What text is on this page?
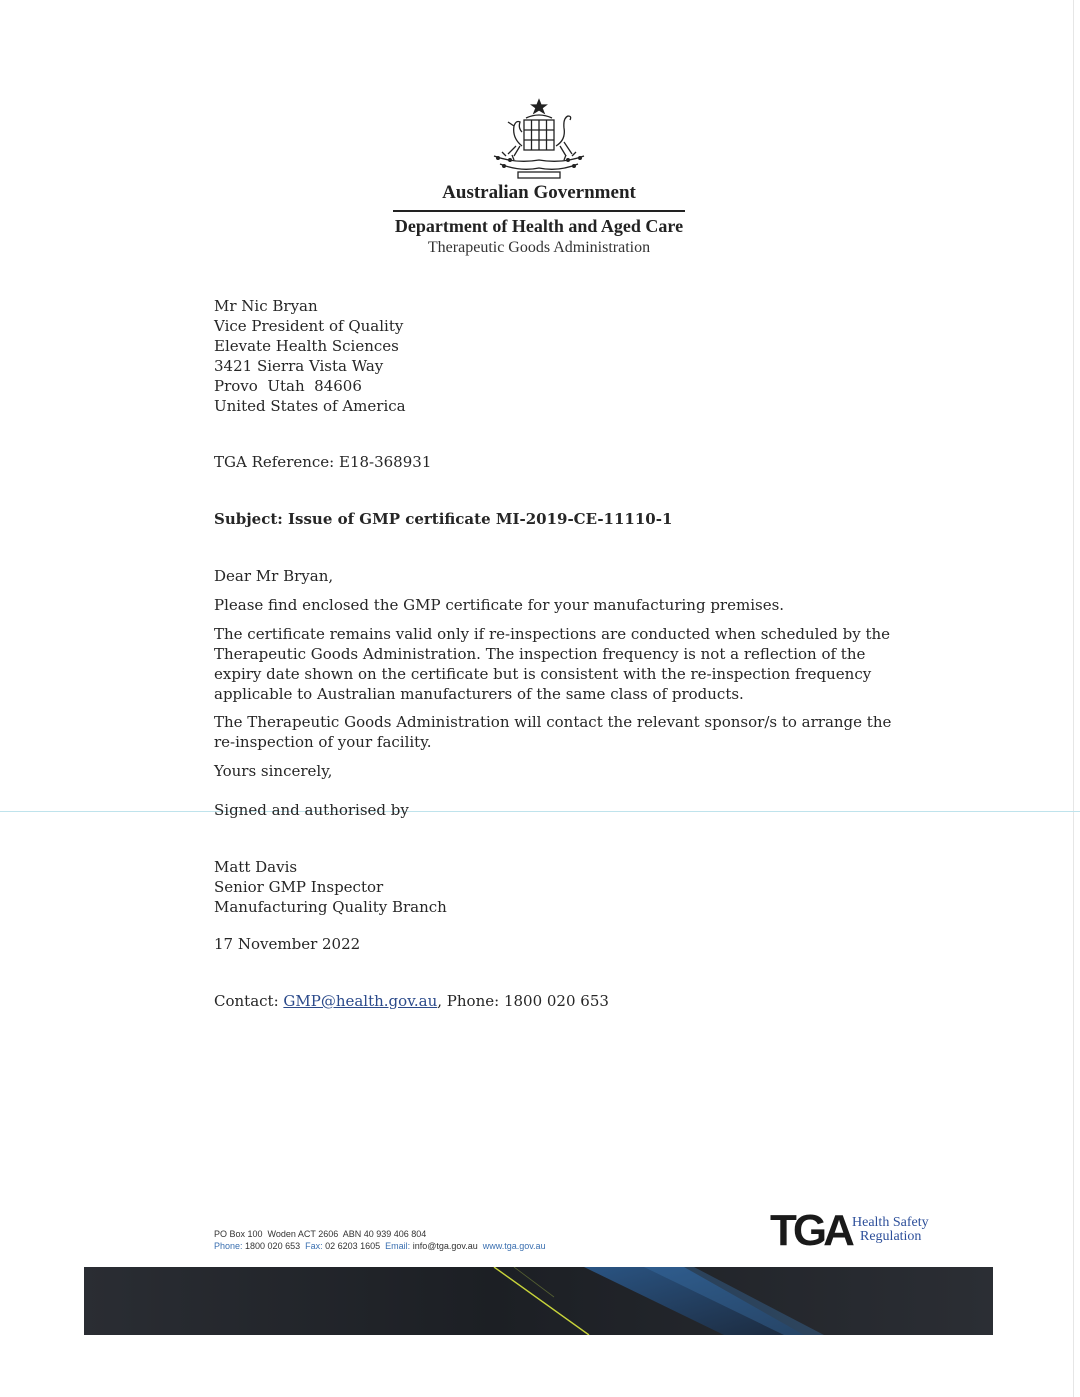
Australian Government
Department of Health and Aged Care
Therapeutic Goods Administration
Mr Nic Bryan
Vice President of Quality
Elevate Health Sciences
3421 Sierra Vista Way
Provo  Utah  84606
United States of America
TGA Reference: E18-368931
Subject: Issue of GMP certificate MI-2019-CE-11110-1
Dear Mr Bryan,
Please find enclosed the GMP certificate for your manufacturing premises.
The certificate remains valid only if re-inspections are conducted when scheduled by the
Therapeutic Goods Administration. The inspection frequency is not a reflection of the
expiry date shown on the certificate but is consistent with the re-inspection frequency
applicable to Australian manufacturers of the same class of products.
The Therapeutic Goods Administration will contact the relevant sponsor/s to arrange the
re-inspection of your facility.
Yours sincerely,
Signed and authorised by
Matt Davis
Senior GMP Inspector
Manufacturing Quality Branch
17 November 2022
Contact: GMP@health.gov.au, Phone: 1800 020 653
PO Box 100  Woden ACT 2606  ABN 40 939 406 804
Phone: 1800 020 653  Fax: 02 6203 1605  Email: info@tga.gov.au  www.tga.gov.au	TGA Health Safety
Regulation
